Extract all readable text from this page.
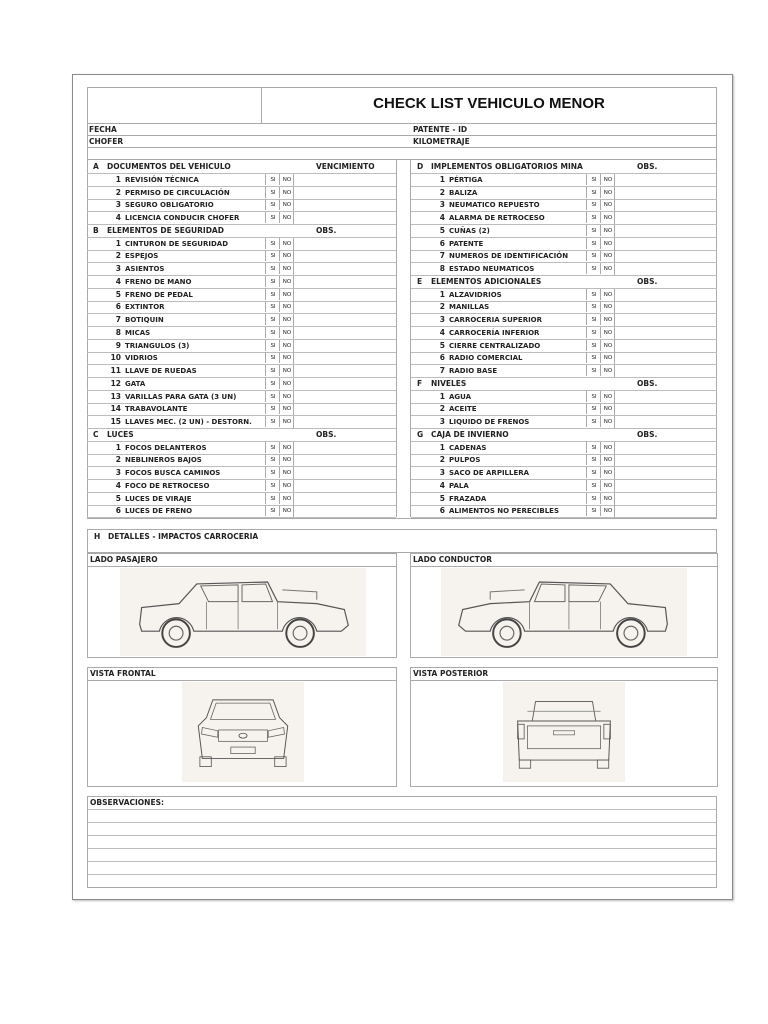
CHECK LIST VEHICULO MENOR
FECHA
CHOFER
PATENTE - ID
KILOMETRAJE
A DOCUMENTOS DEL VEHICULO	VENCIMIENTO
1 REVISIÓN TÉCNICA	SI	NO
2 PERMISO DE CIRCULACIÓN	SI	NO
3 SEGURO OBLIGATORIO	SI	NO
4 LICENCIA CONDUCIR CHOFER	SI	NO
B ELEMENTOS DE SEGURIDAD	OBS.
1 CINTURON DE SEGURIDAD	SI	NO
2 ESPEJOS	SI	NO
3 ASIENTOS	SI	NO
4 FRENO DE MANO	SI	NO
5 FRENO DE PEDAL	SI	NO
6 EXTINTOR	SI	NO
7 BOTIQUIN	SI	NO
8 MICAS	SI	NO
9 TRIANGULOS (3)	SI	NO
10 VIDRIOS	SI	NO
11 LLAVE DE RUEDAS	SI	NO
12 GATA	SI	NO
13 VARILLAS PARA GATA (3 UN)	SI	NO
14 TRABAVOLANTE	SI	NO
15 LLAVES MEC. (2 UN) - DESTORN.	SI	NO
C LUCES	OBS.
1 FOCOS DELANTEROS	SI	NO
2 NEBLINEROS BAJOS	SI	NO
3 FOCOS BUSCA CAMINOS	SI	NO
4 FOCO DE RETROCESO	SI	NO
5 LUCES DE VIRAJE	SI	NO
6 LUCES DE FRENO	SI	NO
D IMPLEMENTOS OBLIGATORIOS MINA	OBS.
1 PÉRTIGA	SI	NO
2 BALIZA	SI	NO
3 NEUMATICO REPUESTO	SI	NO
4 ALARMA DE RETROCESO	SI	NO
5 CUÑAS (2)	SI	NO
6 PATENTE	SI	NO
7 NUMEROS DE IDENTIFICACIÓN	SI	NO
8 ESTADO NEUMATICOS	SI	NO
E ELEMENTOS ADICIONALES	OBS.
1 ALZAVIDRIOS	SI	NO
2 MANILLAS	SI	NO
3 CARROCERIA SUPERIOR	SI	NO
4 CARROCERÍA INFERIOR	SI	NO
5 CIERRE CENTRALIZADO	SI	NO
6 RADIO COMERCIAL	SI	NO
7 RADIO BASE	SI	NO
F NIVELES	OBS.
1 AGUA	SI	NO
2 ACEITE	SI	NO
3 LIQUIDO DE FRENOS	SI	NO
G CAJA DE INVIERNO	OBS.
1 CADENAS	SI	NO
2 PULPOS	SI	NO
3 SACO DE ARPILLERA	SI	NO
4 PALA	SI	NO
5 FRAZADA	SI	NO
6 ALIMENTOS NO PERECIBLES	SI	NO
H DETALLES - IMPACTOS CARROCERIA
LADO PASAJERO	LADO CONDUCTOR
VISTA FRONTAL	VISTA POSTERIOR
OBSERVACIONES:
